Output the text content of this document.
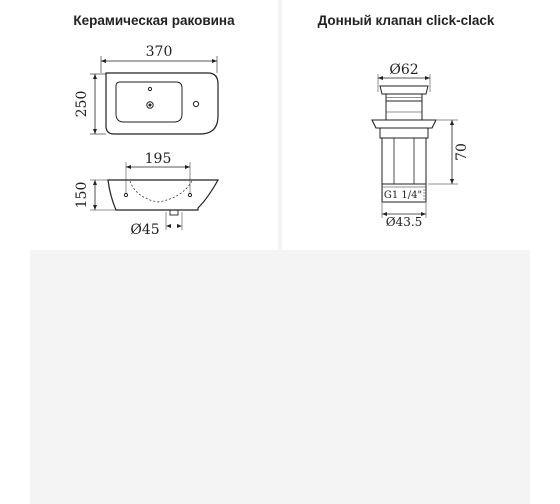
Керамическая раковина
370
250
195
150
Ø45
Донный клапан click-clack
Ø62
70
G1 1/4"
Ø43.5
